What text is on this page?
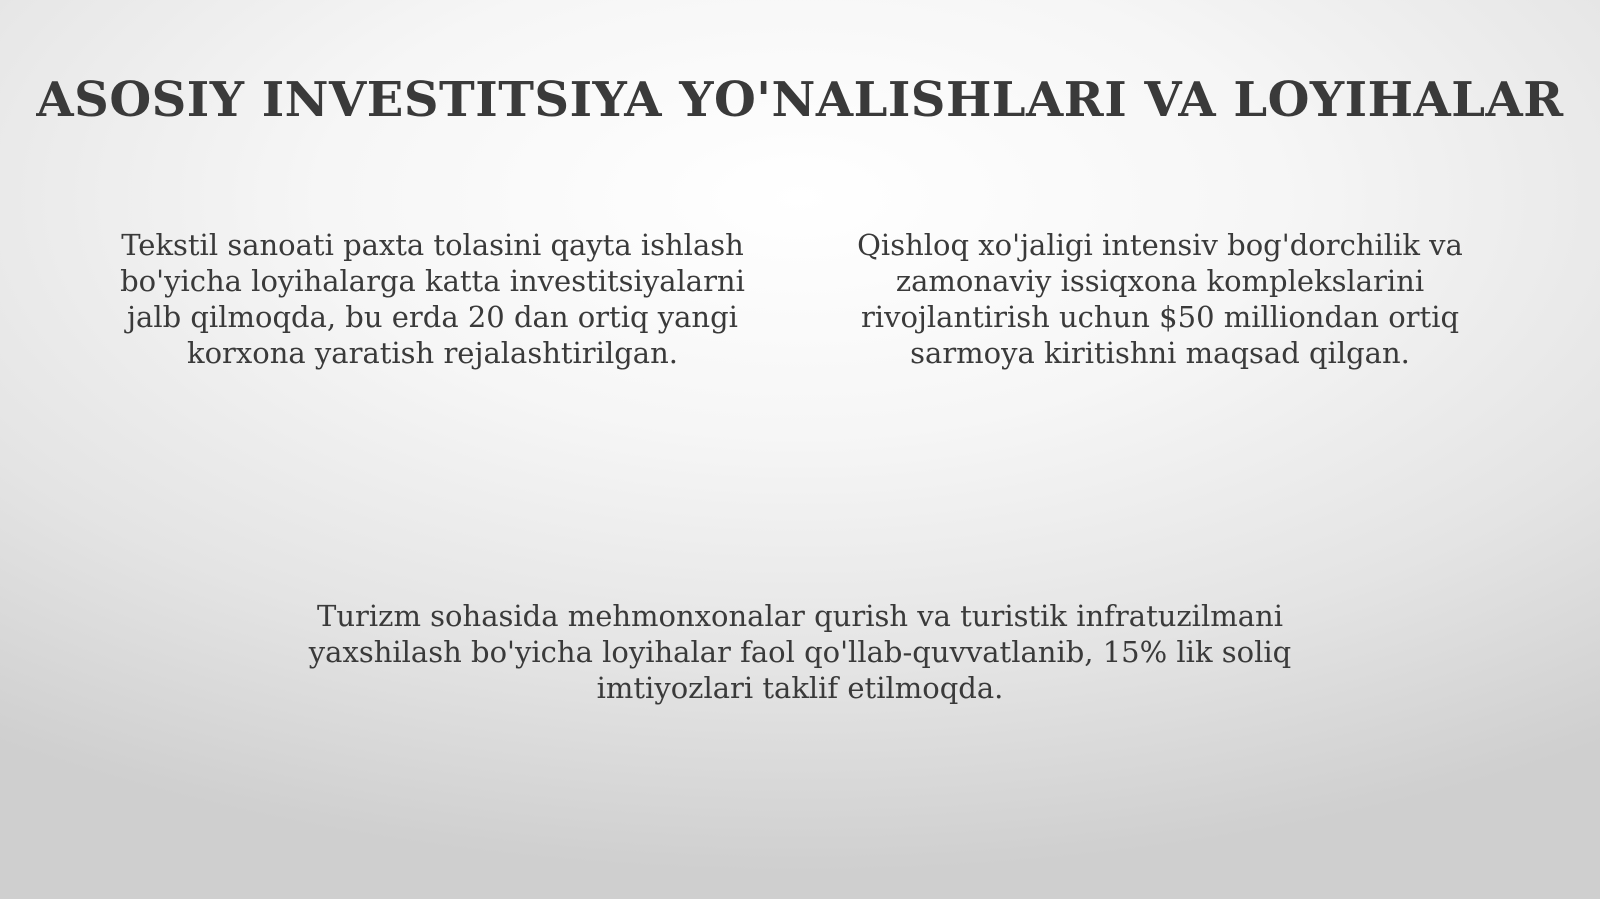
ASOSIY INVESTITSIYA YO'NALISHLARI VA LOYIHALAR
Tekstil sanoati paxta tolasini qayta ishlash bo'yicha loyihalarga katta investitsiyalarni jalb qilmoqda, bu erda 20 dan ortiq yangi korxona yaratish rejalashtirilgan.
Qishloq xo'jaligi intensiv bog'dorchilik va zamonaviy issiqxona komplekslarini rivojlantirish uchun $50 milliondan ortiq sarmoya kiritishni maqsad qilgan.
Turizm sohasida mehmonxonalar qurish va turistik infratuzilmani yaxshilash bo'yicha loyihalar faol qo'llab-quvvatlanib, 15% lik soliq imtiyozlari taklif etilmoqda.
